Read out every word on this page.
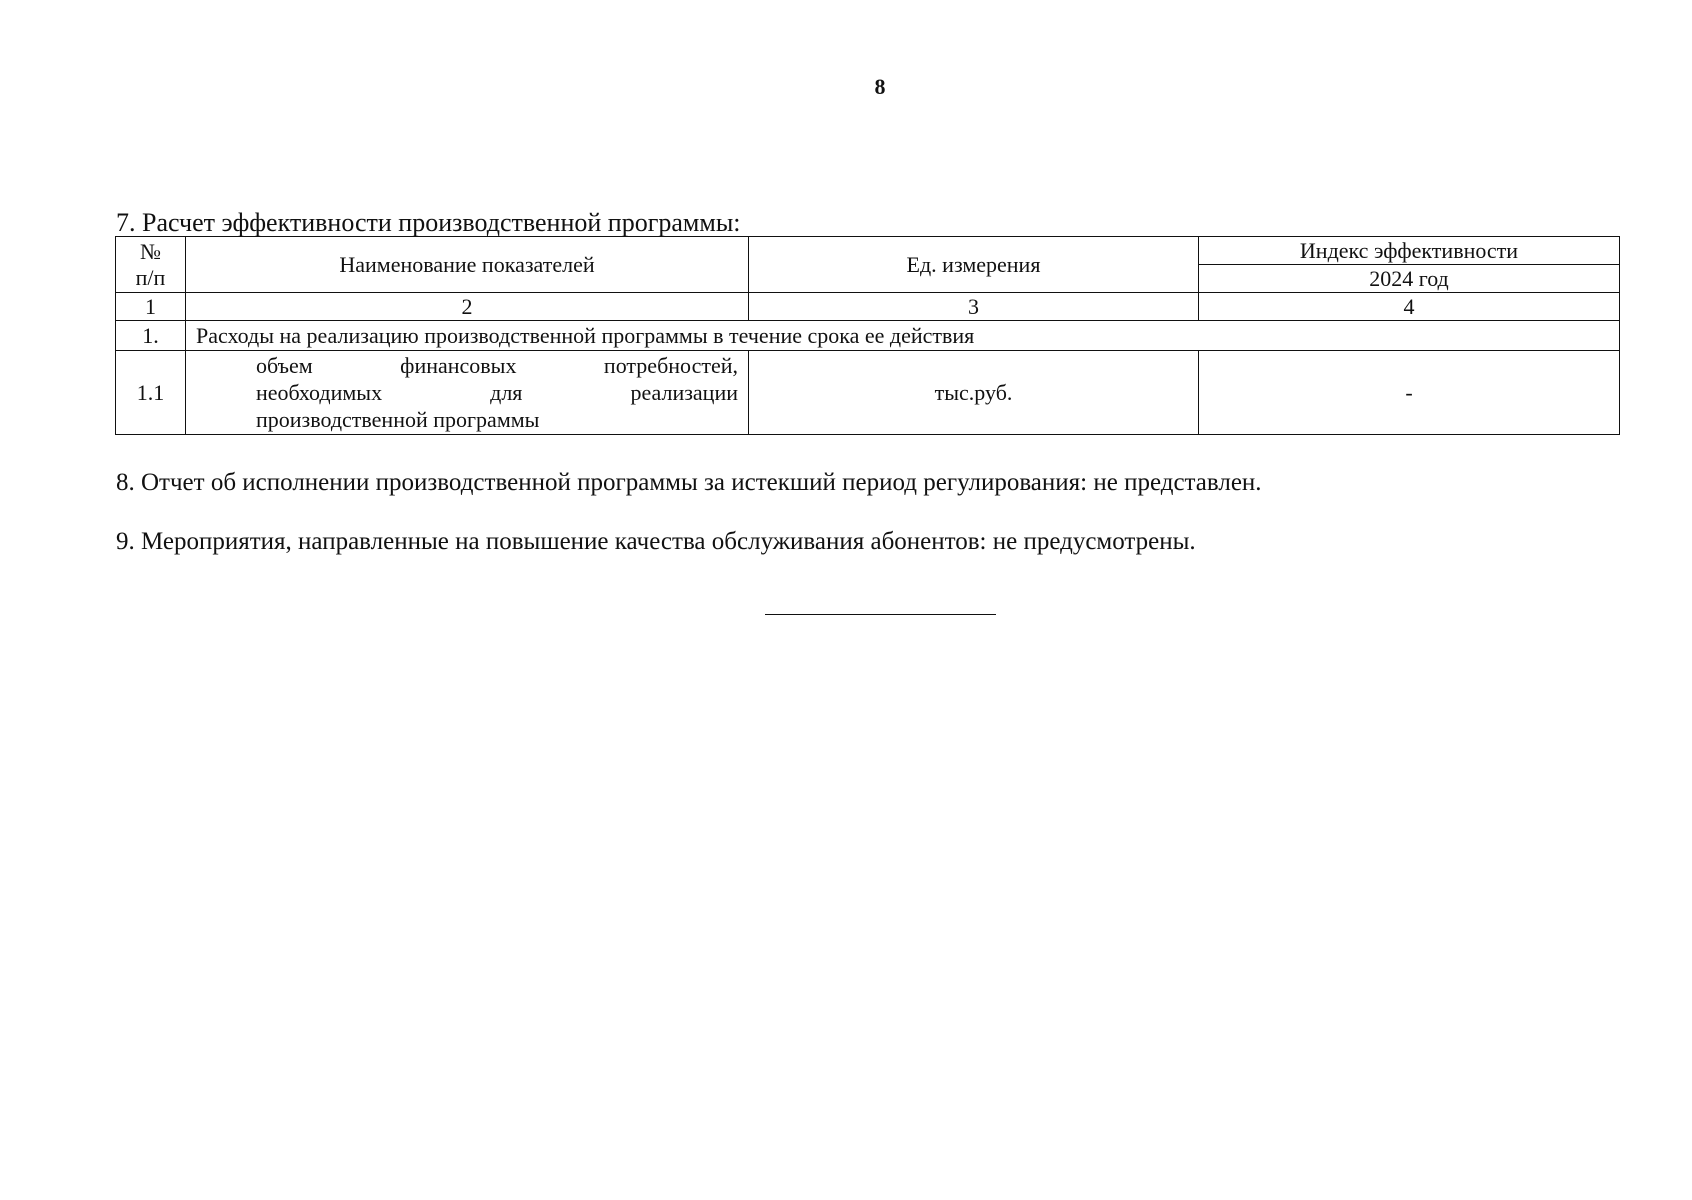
8
7. Расчет эффективности производственной программы:
№
п/п	Наименование показателей	Ед. измерения	Индекс эффективности
			2024 год
1	2	3	4
1.	Расходы на реализацию производственной программы в течение срока ее действия		
1.1	объем финансовых потребностей,
необходимых для реализации
производственной программы	тыс.руб.	-
8. Отчет об исполнении производственной программы за истекший период регулирования: не представлен.
9. Мероприятия, направленные на повышение качества обслуживания абонентов: не предусмотрены.
